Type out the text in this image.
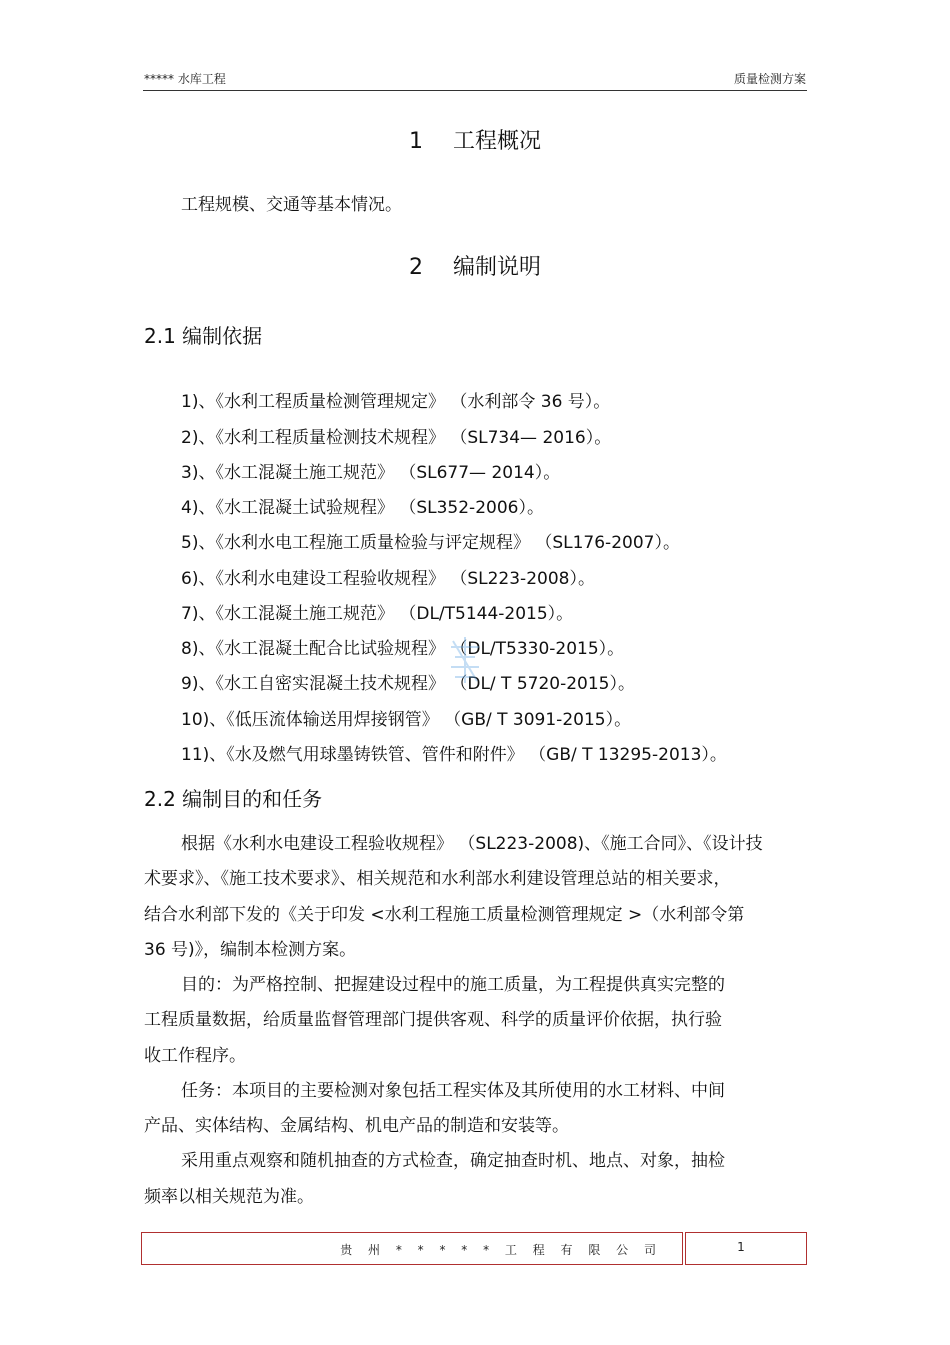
***** 水库工程	质量检测方案
1 工程概况
工程规模、交通等基本情况。
2 编制说明
2.1 编制依据
1)、《水利工程质量检测管理规定》 （水利部令 36 号）。
2)、《水利工程质量检测技术规程》 （SL734— 2016）。
3)、《水工混凝土施工规范》 （SL677— 2014）。
4)、《水工混凝土试验规程》 （SL352-2006）。
5)、《水利水电工程施工质量检验与评定规程》 （SL176-2007）。
6)、《水利水电建设工程验收规程》 （SL223-2008）。
7)、《水工混凝土施工规范》 （DL/T5144-2015）。
8)、《水工混凝土配合比试验规程》 （DL/T5330-2015）。
9)、《水工自密实混凝土技术规程》 （DL/ T 5720-2015）。
10)、《低压流体输送用焊接钢管》 （GB/ T 3091-2015）。
11)、《水及燃气用球墨铸铁管、管件和附件》 （GB/ T 13295-2013）。
2.2 编制目的和任务
根据《水利水电建设工程验收规程》 （SL223-2008)、《施工合同》、《设计技
术要求》、《施工技术要求》、相关规范和水利部水利建设管理总站的相关要求，
结合水利部下发的《关于印发 <水利工程施工质量检测管理规定 >（水利部令第
36 号)》，编制本检测方案。
目的：为严格控制、把握建设过程中的施工质量，为工程提供真实完整的
工程质量数据，给质量监督管理部门提供客观、科学的质量评价依据，执行验
收工作程序。
任务：本项目的主要检测对象包括工程实体及其所使用的水工材料、中间
产品、实体结构、金属结构、机电产品的制造和安装等。
采用重点观察和随机抽查的方式检查，确定抽查时机、地点、对象，抽检
频率以相关规范为准。
贵 州 * * * * * 工 程 有 限 公 司	1
